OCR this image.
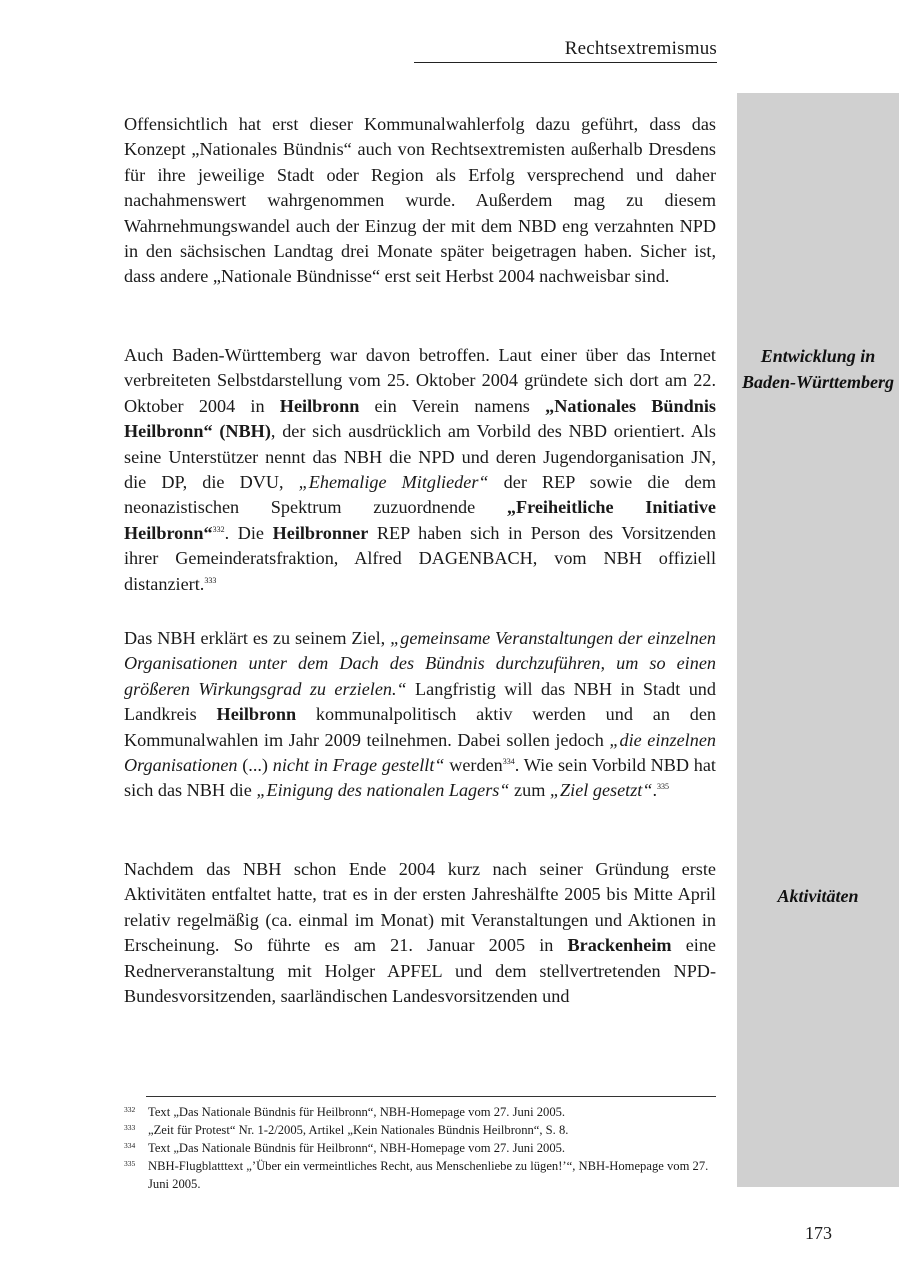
Rechtsextremismus
Entwicklung in Baden-Württemberg
Aktivitäten

Offensichtlich hat erst dieser Kommunalwahlerfolg dazu geführt, dass das Konzept „Nationales Bündnis“ auch von Rechtsextremisten außerhalb Dresdens für ihre jeweilige Stadt oder Region als Erfolg versprechend und daher nachahmenswert wahrgenommen wurde. Außerdem mag zu diesem Wahrnehmungswandel auch der Einzug der mit dem NBD eng verzahnten NPD in den sächsischen Landtag drei Monate später beigetragen haben. Sicher ist, dass andere „Nationale Bündnisse“ erst seit Herbst 2004 nachweisbar sind.

Auch Baden-Württemberg war davon betroffen. Laut einer über das Internet verbreiteten Selbstdarstellung vom 25. Oktober 2004 gründete sich dort am 22. Oktober 2004 in Heilbronn ein Verein namens „Nationales Bündnis Heilbronn“ (NBH), der sich ausdrücklich am Vorbild des NBD orientiert. Als seine Unterstützer nennt das NBH die NPD und deren Jugendorganisation JN, die DP, die DVU, „Ehemalige Mitglieder“ der REP sowie die dem neonazistischen Spektrum zuzuordnende „Freiheitliche Initiative Heilbronn“$^{332}$. Die Heilbronner REP haben sich in Person des Vorsitzenden ihrer Gemeinderatsfraktion, Alfred DAGENBACH, vom NBH offiziell distanziert.$^{333}$

Das NBH erklärt es zu seinem Ziel, „gemeinsame Veranstaltungen der einzelnen Organisationen unter dem Dach des Bündnis durchzuführen, um so einen größeren Wirkungsgrad zu erzielen.“ Langfristig will das NBH in Stadt und Landkreis Heilbronn kommunalpolitisch aktiv werden und an den Kommunalwahlen im Jahr 2009 teilnehmen. Dabei sollen jedoch „die einzelnen Organisationen (...) nicht in Frage gestellt“ werden$^{334}$. Wie sein Vorbild NBD hat sich das NBH die „Einigung des nationalen Lagers“ zum „Ziel gesetzt“.$^{335}$

Nachdem das NBH schon Ende 2004 kurz nach seiner Gründung erste Aktivitäten entfaltet hatte, trat es in der ersten Jahreshälfte 2005 bis Mitte April relativ regelmäßig (ca. einmal im Monat) mit Veranstaltungen und Aktionen in Erscheinung. So führte es am 21. Januar 2005 in Brackenheim eine Rednerveranstaltung mit Holger APFEL und dem stellvertretenden NPD-Bundesvorsitzenden, saarländischen Landesvorsitzenden und

332	Text „Das Nationale Bündnis für Heilbronn“, NBH-Homepage vom 27. Juni 2005.
333	„Zeit für Protest“ Nr. 1-2/2005, Artikel „Kein Nationales Bündnis Heilbronn“, S. 8.
334	Text „Das Nationale Bündnis für Heilbronn“, NBH-Homepage vom 27. Juni 2005.
335	NBH-Flugblatttext „’Über ein vermeintliches Recht, aus Menschenliebe zu lügen!’“, NBH-Homepage vom 27. Juni 2005.
173
